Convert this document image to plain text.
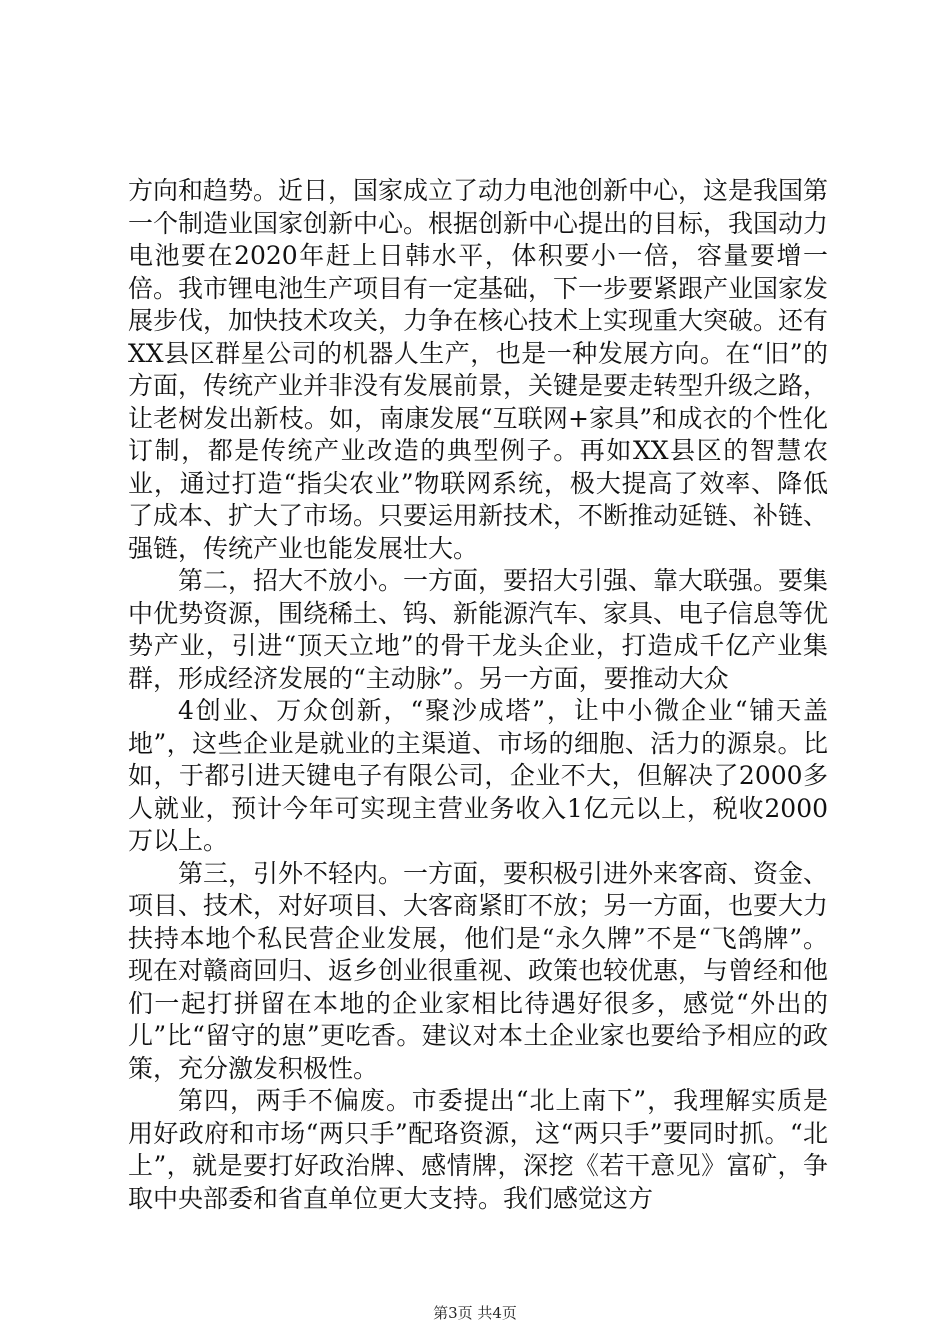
方向和趋势。近日，国家成立了动力电池创新中心，这是我国第一个制造业国家创新中心。根据创新中心提出的目标，我国动力电池要在2020年赶上日韩水平，体积要小一倍，容量要增一倍。我市锂电池生产项目有一定基础，下一步要紧跟产业国家发展步伐，加快技术攻关，力争在核心技术上实现重大突破。还有XX县区群星公司的机器人生产，也是一种发展方向。在“旧”的方面，传统产业并非没有发展前景，关键是要走转型升级之路，让老树发出新枝。如，南康发展“互联网+家具”和成衣的个性化订制，都是传统产业改造的典型例子。再如XX县区的智慧农业，通过打造“指尖农业”物联网系统，极大提高了效率、降低了成本、扩大了市场。只要运用新技术，不断推动延链、补链、强链，传统产业也能发展壮大。

第二，招大不放小。一方面，要招大引强、靠大联强。要集中优势资源，围绕稀土、钨、新能源汽车、家具、电子信息等优势产业，引进“顶天立地”的骨干龙头企业，打造成千亿产业集群，形成经济发展的“主动脉”。另一方面，要推动大众

4创业、万众创新，“聚沙成塔”，让中小微企业“铺天盖地”，这些企业是就业的主渠道、市场的细胞、活力的源泉。比如，于都引进天键电子有限公司，企业不大，但解决了2000多人就业，预计今年可实现主营业务收入1亿元以上，税收2000万以上。

第三，引外不轻内。一方面，要积极引进外来客商、资金、项目、技术，对好项目、大客商紧盯不放；另一方面，也要大力扶持本地个私民营企业发展，他们是“永久牌”不是“飞鸽牌”。现在对赣商回归、返乡创业很重视、政策也较优惠，与曾经和他们一起打拼留在本地的企业家相比待遇好很多，感觉“外出的儿”比“留守的崽”更吃香。建议对本土企业家也要给予相应的政策，充分激发积极性。

第四，两手不偏废。市委提出“北上南下”，我理解实质是用好政府和市场“两只手”配珞资源，这“两只手”要同时抓。“北上”，就是要打好政治牌、感情牌，深挖《若干意见》富矿，争取中央部委和省直单位更大支持。我们感觉这方

第3页 共4页
